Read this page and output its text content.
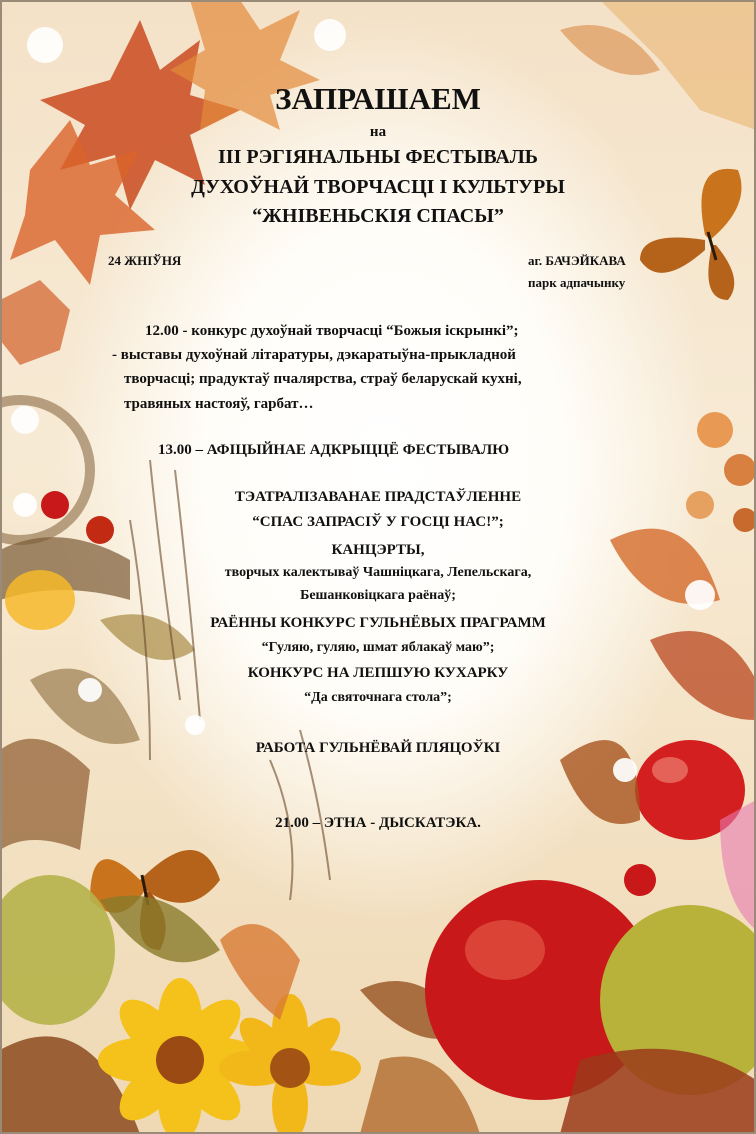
ЗАПРАШАЕМ
на
ІІІ РЭГІЯНАЛЬНЫ ФЕСТЫВАЛЬ
ДУХОЎНАЙ ТВОРЧАСЦІ І КУЛЬТУРЫ
“ЖНІВЕНЬСКІЯ СПАСЫ”
24 ЖНІЎНЯ	аг. БАЧЭЙКАВА
парк адпачынку
12.00 - конкурс духоўнай творчасці “Божыя іскрынкі”;
- выставы духоўнай літаратуры, дэкаратыўна-прыкладной
творчасці; прадуктаў пчалярства, страў беларускай кухні,
травяных настояў, гарбат…
13.00 – АФІЦЫЙНАЕ АДКРЫЦЦЁ ФЕСТЫВАЛЮ
ТЭАТРАЛІЗАВАНАЕ ПРАДСТАЎЛЕННЕ
“СПАС ЗАПРАСІЎ У ГОСЦІ НАС!”;
КАНЦЭРТЫ,
творчых калектываў Чашніцкага, Лепельскага,
Бешанковіцкага раёнаў;
РАЁННЫ КОНКУРС ГУЛЬНЁВЫХ ПРАГРАММ
“Гуляю, гуляю, шмат яблакаў маю”;
КОНКУРС НА ЛЕПШУЮ КУХАРКУ
“Да святочнага стола”;
РАБОТА ГУЛЬНЁВАЙ ПЛЯЦОЎКІ
21.00 – ЭТНА - ДЫСКАТЭКА.
